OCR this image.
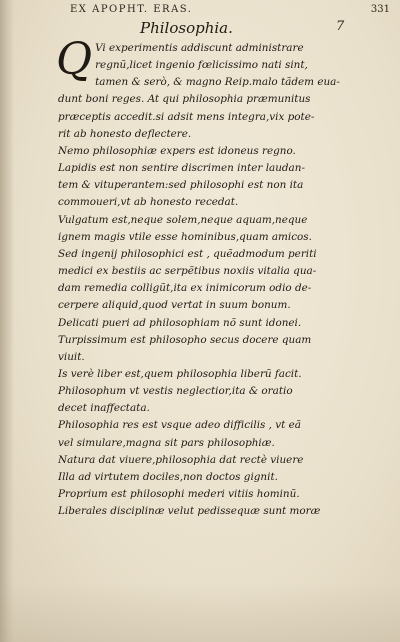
EX APOPHT. ERAS.	331
Philosophia.	7
Q Vi experimentis addiscunt administrare
regnũ,licet ingenio fœlicissimo nati sint,
tamen & serò, & magno Reip.malo tãdem eua-
dunt boni reges. At qui philosophia præmunitus
præceptis accedit.si adsit mens integra,vix pote-
rit ab honesto deflectere.
Nemo philosophiæ expers est idoneus regno.
Lapidis est non sentire discrimen inter laudan-
tem & vituperantem:sed philosophi est non ita
commoueri,vt ab honesto recedat.
Vulgatum est,neque solem,neque aquam,neque
ignem magis vtile esse hominibus,quam amicos.
Sed ingenij philosophici est , quẽadmodum periti
medici ex bestiis ac serpẽtibus noxiis vitalia qua-
dam remedia colligũt,ita ex inimicorum odio de-
cerpere aliquid,quod vertat in suum bonum.
Delicati pueri ad philosophiam nõ sunt idonei.
Turpissimum est philosopho secus docere quam
viuit.
Is verè liber est,quem philosophia liberũ facit.
Philosophum vt vestis neglectior,ita & oratio
decet inaffectata.
Philosophia res est vsque adeo difficilis , vt eã
vel simulare,magna sit pars philosophiæ.
Natura dat viuere,philosophia dat rectè viuere
Illa ad virtutem dociles,non doctos gignit.
Proprium est philosophi mederi vitiis hominũ.
Liberales disciplinæ velut pedissequæ sunt moræ
